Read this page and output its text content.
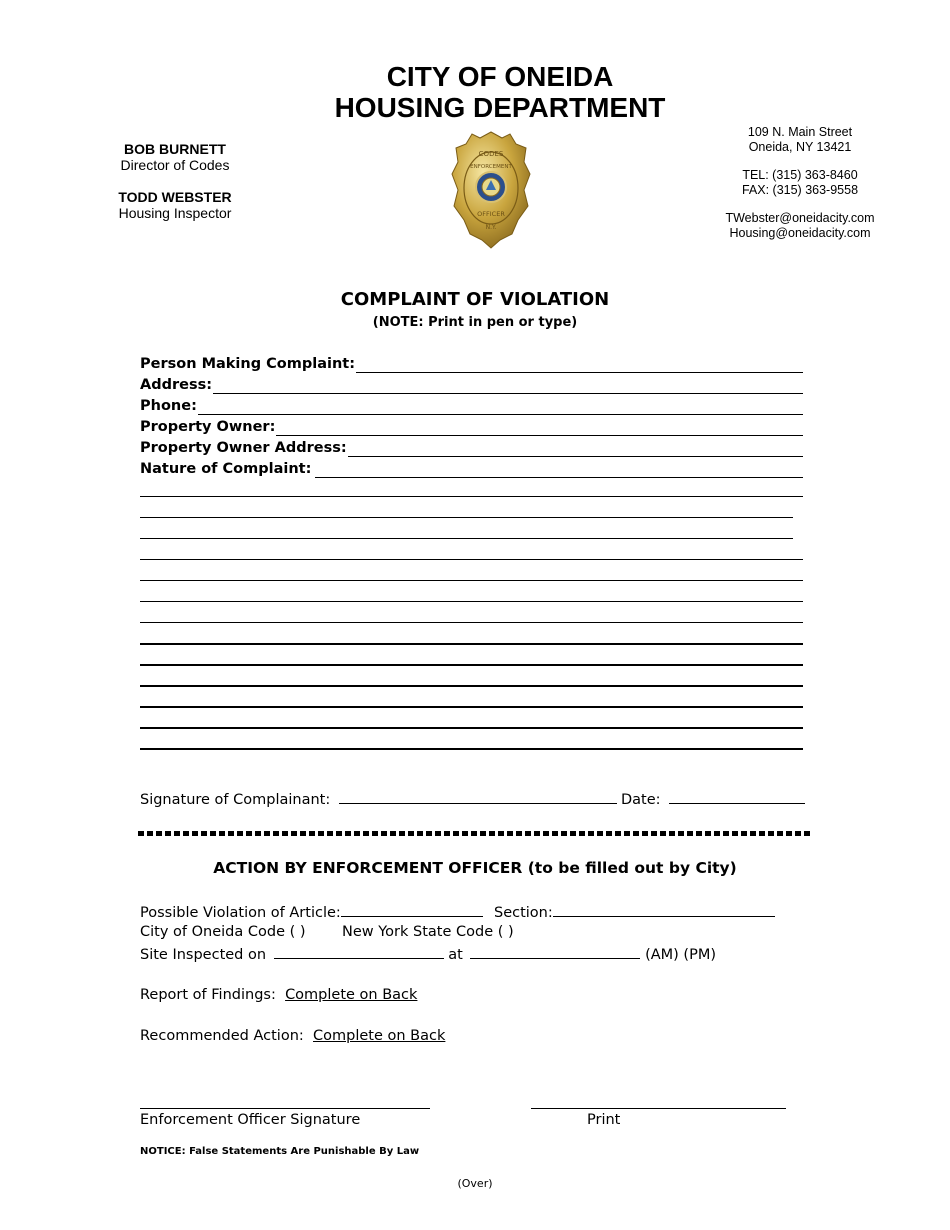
CITY OF ONEIDA
HOUSING DEPARTMENT
BOB BURNETT
Director of Codes
TODD WEBSTER
Housing Inspector
109 N. Main Street
Oneida, NY 13421
TEL: (315) 363-8460
FAX: (315) 363-9558
TWebster@oneidacity.com
Housing@oneidacity.com
CODES
ENFORCEMENT
OFFICER
N.Y.
COMPLAINT OF VIOLATION
(NOTE: Print in pen or type)
Person Making Complaint:
Address:
Phone:
Property Owner:
Property Owner Address:
Nature of Complaint:
Signature of Complainant:	Date:
ACTION BY ENFORCEMENT OFFICER (to be filled out by City)
Possible Violation of Article:	Section:
City of Oneida Code ( )	New York State Code ( )
Site Inspected on	at	(AM) (PM)
Report of Findings: Complete on Back
Recommended Action: Complete on Back
Enforcement Officer Signature	Print
NOTICE: False Statements Are Punishable By Law
(Over)
